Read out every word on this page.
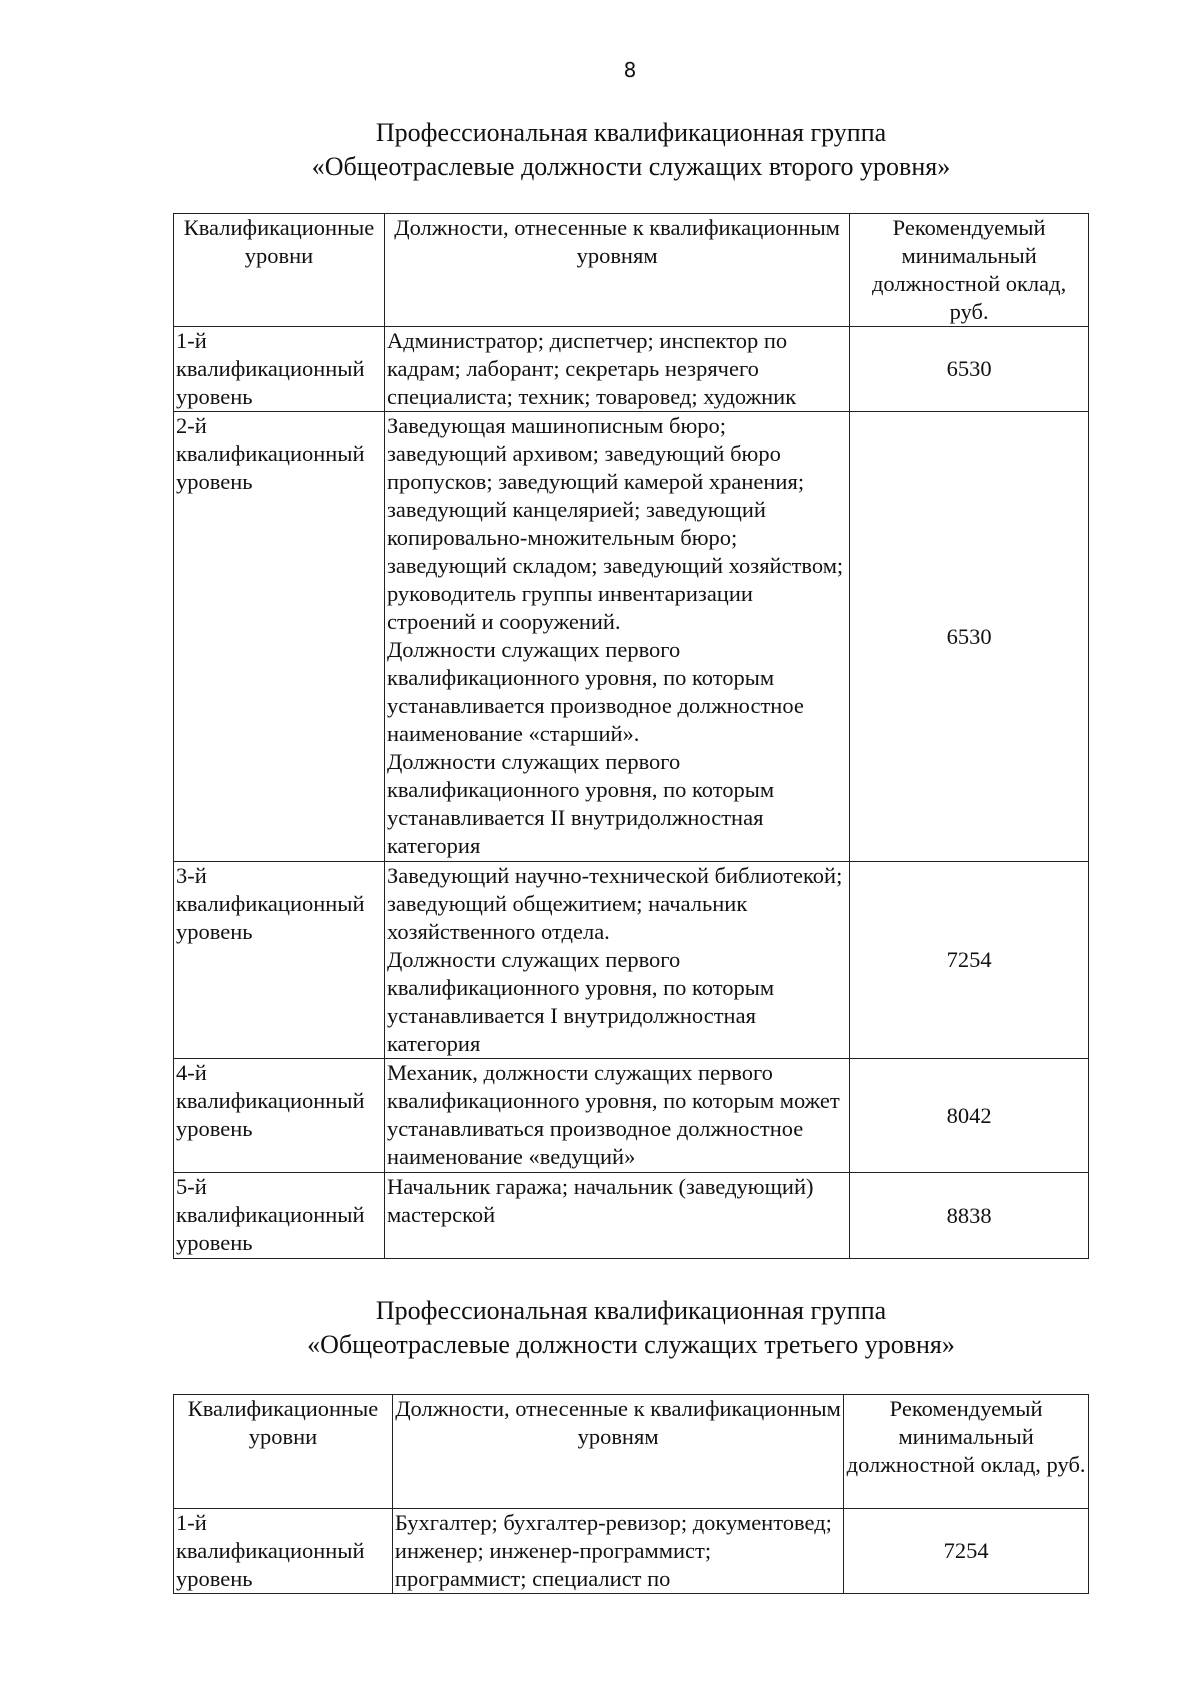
8
Профессиональная квалификационная группа
«Общеотраслевые должности служащих второго уровня»
Квалификационные уровни	Должности, отнесенные к квалификационным уровням	Рекомендуемый минимальный должностной оклад, руб.
1-й квалификационный уровень	Администратор; диспетчер; инспектор по кадрам; лаборант; секретарь незрячего специалиста; техник; товаровед; художник	6530
2-й квалификационный уровень	Заведующая машинописным бюро; заведующий архивом; заведующий бюро пропусков; заведующий камерой хранения; заведующий канцелярией; заведующий копировально-множительным бюро; заведующий складом; заведующий хозяйством; руководитель группы инвентаризации строений и сооружений.
Должности служащих первого квалификационного уровня, по которым устанавливается производное должностное наименование «старший».
Должности служащих первого квалификационного уровня, по которым устанавливается II внутридолжностная категория	6530
3-й квалификационный уровень	Заведующий научно-технической библиотекой; заведующий общежитием; начальник хозяйственного отдела.
Должности служащих первого квалификационного уровня, по которым устанавливается I внутридолжностная категория	7254
4-й квалификационный уровень	Механик, должности служащих первого квалификационного уровня, по которым может устанавливаться производное должностное наименование «ведущий»	8042
5-й квалификационный уровень	Начальник гаража; начальник (заведующий) мастерской	8838
Профессиональная квалификационная группа
«Общеотраслевые должности служащих третьего уровня»
Квалификационные уровни	Должности, отнесенные к квалификационным уровням	Рекомендуемый минимальный должностной оклад, руб.
1-й квалификационный уровень	Бухгалтер; бухгалтер-ревизор; документовед; инженер; инженер-программист; программист; специалист по	7254
